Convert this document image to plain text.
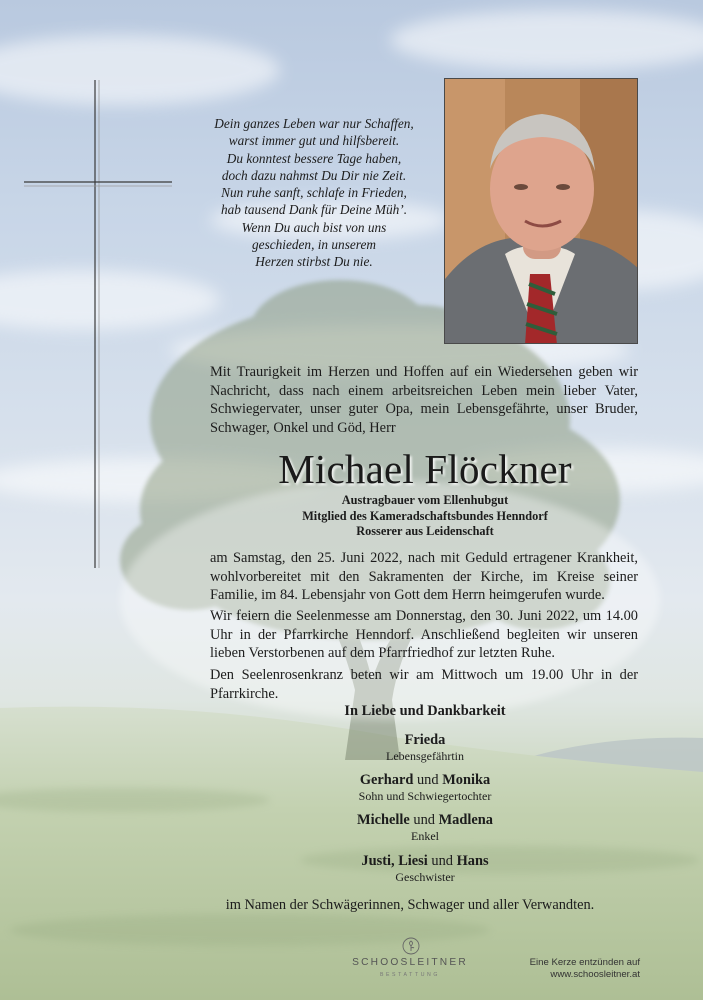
Dein ganzes Leben war nur Schaffen,
warst immer gut und hilfsbereit.
Du konntest bessere Tage haben,
doch dazu nahmst Du Dir nie Zeit.
Nun ruhe sanft, schlafe in Frieden,
hab tausend Dank für Deine Müh’.
Wenn Du auch bist von uns
geschieden, in unserem
Herzen stirbst Du nie.
Mit Traurigkeit im Herzen und Hoffen auf ein Wiedersehen geben wir Nachricht, dass nach einem arbeitsreichen Leben mein lieber Vater, Schwiegervater, unser guter Opa, mein Lebensgefährte, unser Bruder, Schwager, Onkel und Göd, Herr
Michael Flöckner
Austragbauer vom Ellenhubgut
Mitglied des Kameradschaftsbundes Henndorf
Rosserer aus Leidenschaft
am Samstag, den 25. Juni 2022, nach mit Geduld ertragener Krankheit, wohlvorbereitet mit den Sakramenten der Kirche, im Kreise seiner Familie, im 84. Lebensjahr von Gott dem Herrn heimgerufen wurde.
Wir feiern die Seelenmesse am Donnerstag, den 30. Juni 2022, um 14.00 Uhr in der Pfarrkirche Henndorf. Anschließend begleiten wir unseren lieben Verstorbenen auf dem Pfarrfriedhof zur letzten Ruhe.
Den Seelenrosenkranz beten wir am Mittwoch um 19.00 Uhr in der Pfarrkirche.
In Liebe und Dankbarkeit
Frieda
Lebensgefährtin
Gerhard und Monika
Sohn und Schwiegertochter
Michelle und Madlena
Enkel
Justi, Liesi und Hans
Geschwister
im Namen der Schwägerinnen, Schwager und aller Verwandten.
SCHOOSLEITNER
BESTATTUNG
Eine Kerze entzünden auf
www.schoosleitner.at
